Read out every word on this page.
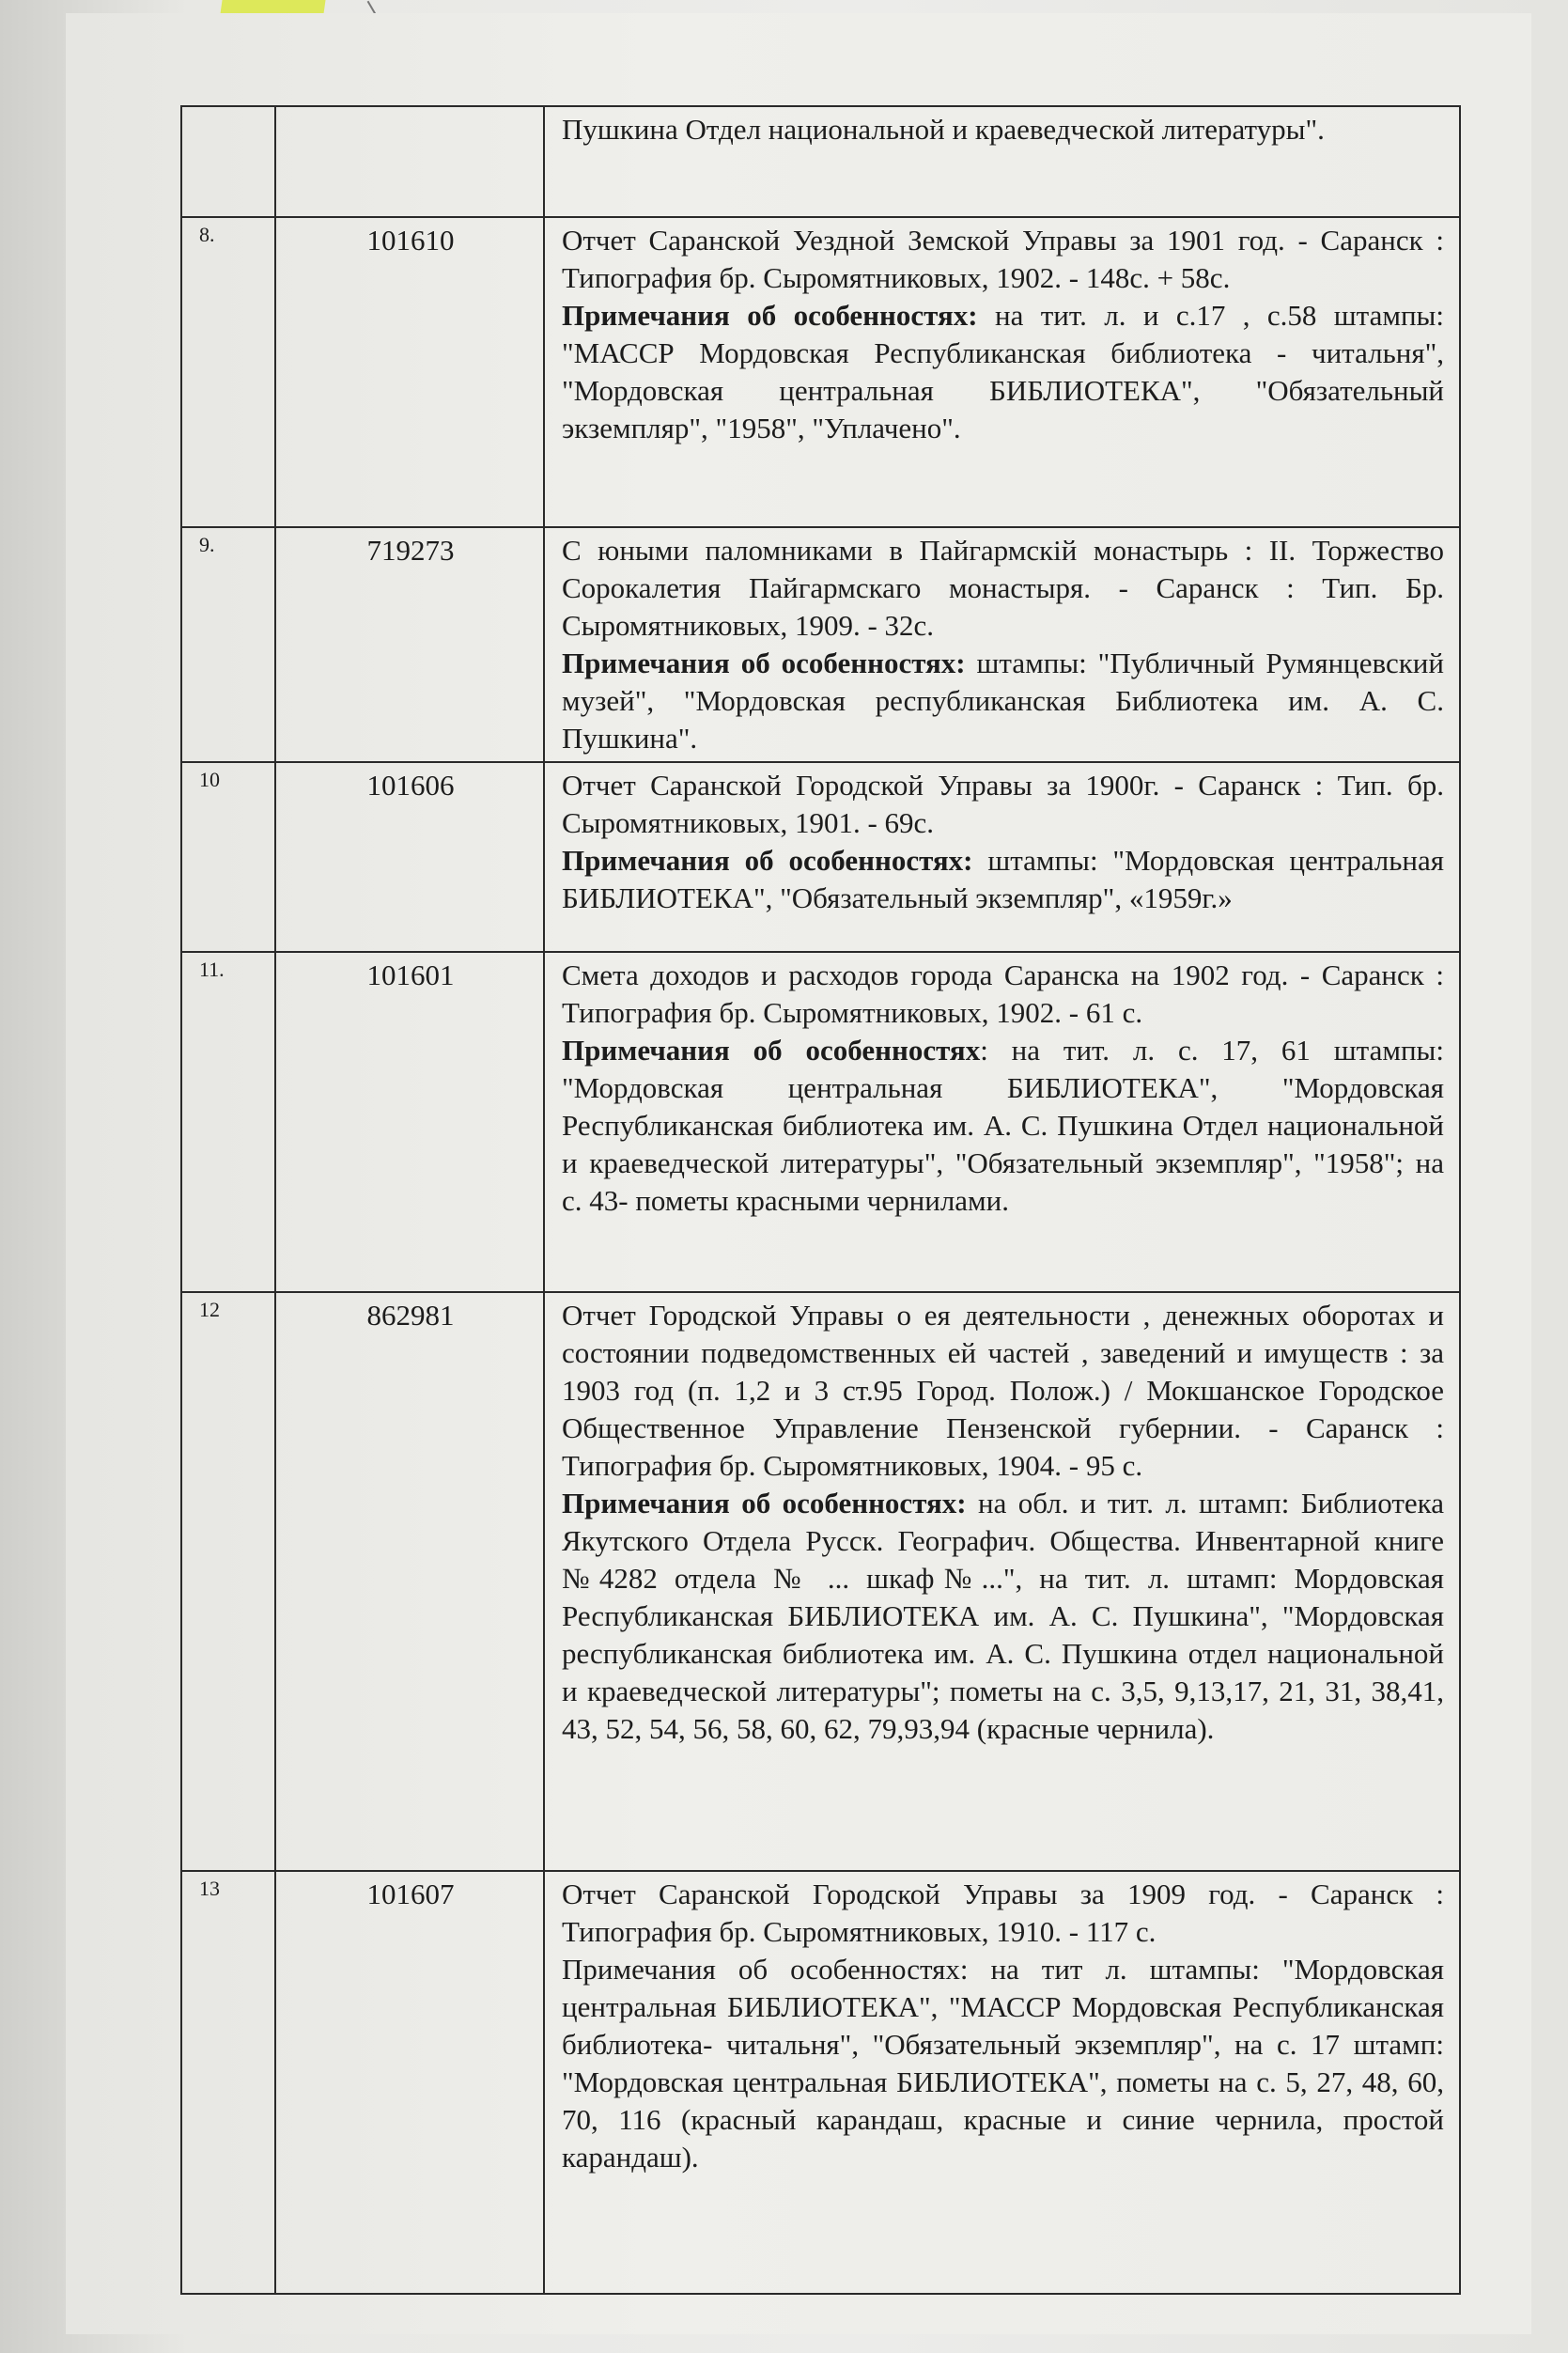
		Пушкина Отдел национальной и краеведческой литературы".
8.	101610	Отчет Саранской Уездной Земской Управы за 1901 год. - Саранск : Типография бр. Сыромятниковых, 1902. - 148с. + 58с.
Примечания об особенностях: на тит. л. и с.17 , с.58 штампы: "МАССР Мордовская Республиканская библиотека - читальня", "Мордовская центральная БИБЛИОТЕКА", "Обязательный экземпляр", "1958", "Уплачено".
9.	719273	С юными паломниками в Пайгармскій монастырь : II. Торжество Сорокалетия Пайгармскаго монастыря. - Саранск : Тип. Бр. Сыромятниковых, 1909. - 32с.
Примечания об особенностях: штампы: "Публичный Румянцевский музей", "Мордовская республиканская Библиотека им. А. С. Пушкина".
10	101606	Отчет Саранской Городской Управы за 1900г. - Саранск : Тип. бр. Сыромятниковых, 1901. - 69с.
Примечания об особенностях: штампы: "Мордовская центральная БИБЛИОТЕКА", "Обязательный экземпляр", «1959г.»
11.	101601	Смета доходов и расходов города Саранска на 1902 год. - Саранск : Типография бр. Сыромятниковых, 1902. - 61 с.
Примечания об особенностях: на тит. л. с. 17, 61 штампы: "Мордовская центральная БИБЛИОТЕКА", "Мордовская Республиканская библиотека им. А. С. Пушкина Отдел национальной и краеведческой литературы", "Обязательный экземпляр", "1958"; на с. 43- пометы красными чернилами.
12	862981	Отчет Городской Управы о ея деятельности , денежных оборотах и состоянии подведомственных ей частей , заведений и имуществ : за 1903 год (п. 1,2 и 3 ст.95 Город. Полож.) / Мокшанское Городское Общественное Управление Пензенской губернии. - Саранск : Типография бр. Сыромятниковых, 1904. - 95 с.
Примечания об особенностях: на обл. и тит. л. штамп: Библиотека Якутского Отдела Русск. Географич. Общества. Инвентарной книге №4282 отдела № ... шкаф№...", на тит. л. штамп: Мордовская Республиканская БИБЛИОТЕКА им. А. С. Пушкина", "Мордовская республиканская библиотека им. А. С. Пушкина отдел национальной и краеведческой литературы"; пометы на с. 3,5, 9,13,17, 21, 31, 38,41, 43, 52, 54, 56, 58, 60, 62, 79,93,94 (красные чернила).
13	101607	Отчет Саранской Городской Управы за 1909 год. - Саранск : Типография бр. Сыромятниковых, 1910. - 117 с.
Примечания об особенностях: на тит л. штампы: "Мордовская центральная БИБЛИОТЕКА", "МАССР Мордовская Республиканская библиотека- читальня", "Обязательный экземпляр", на с. 17 штамп: "Мордовская центральная БИБЛИОТЕКА", пометы на с. 5, 27, 48, 60, 70, 116 (красный карандаш, красные и синие чернила, простой карандаш).
